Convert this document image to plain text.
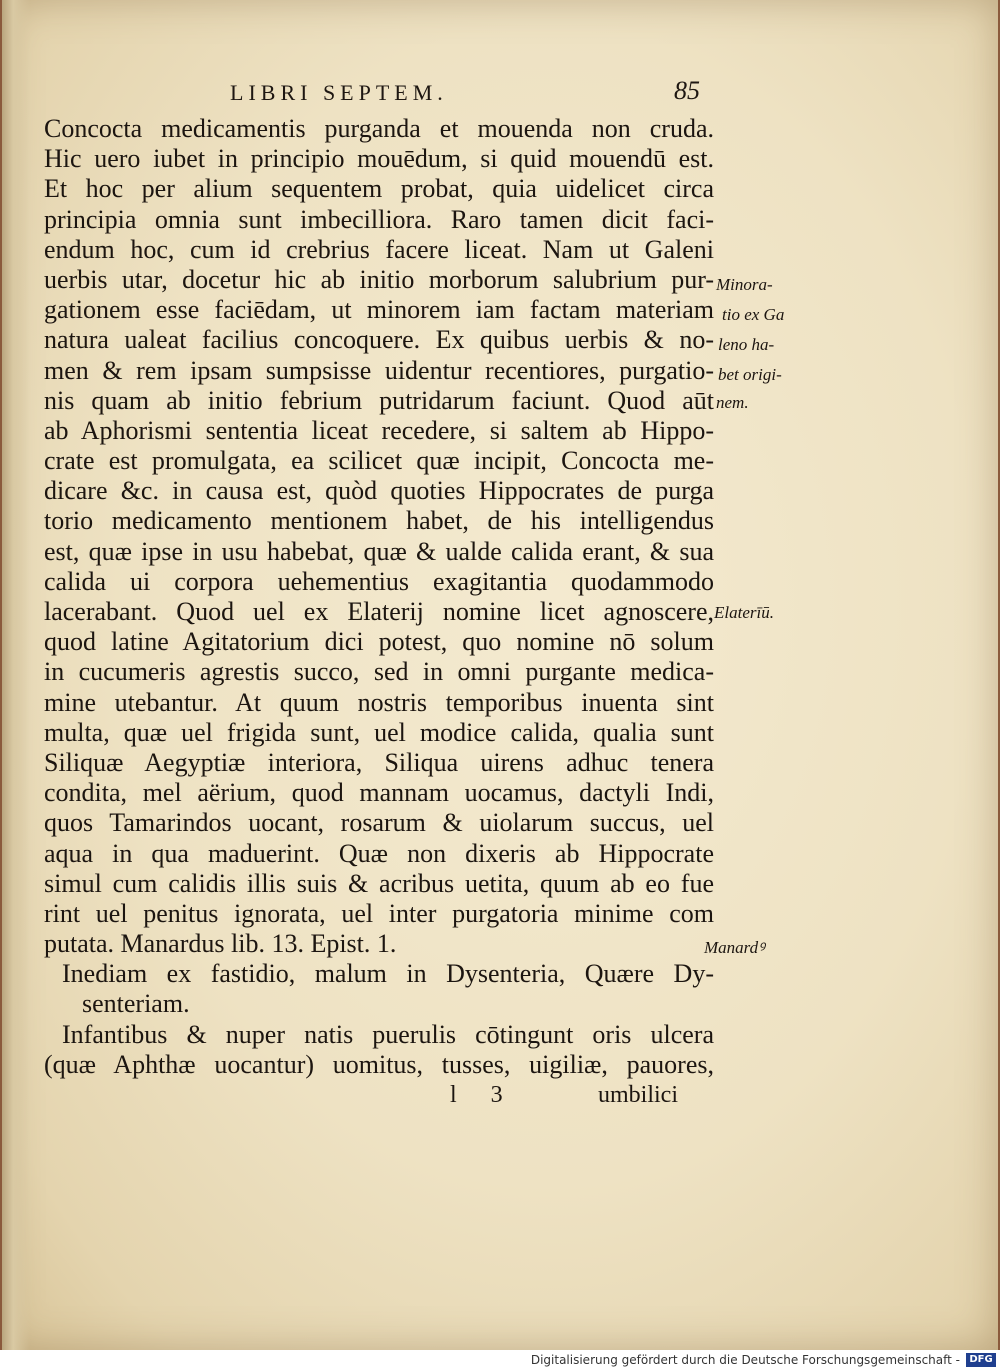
LIBRI SEPTEM.	85
Concocta medicamentis purganda et mouenda non cruda.
Hic uero iubet in principio mouēdum, si quid mouendū est.
Et hoc per alium sequentem probat, quia uidelicet circa
principia omnia sunt imbecilliora. Raro tamen dicit faci-
endum hoc, cum id crebrius facere liceat. Nam ut Galeni
uerbis utar, docetur hic ab initio morborum salubrium pur-
gationem esse faciēdam, ut minorem iam factam materiam
natura ualeat facilius concoquere. Ex quibus uerbis & no-
men & rem ipsam sumpsisse uidentur recentiores, purgatio-
nis quam ab initio febrium putridarum faciunt. Quod aūt
ab Aphorismi sententia liceat recedere, si saltem ab Hippo-
crate est promulgata, ea scilicet quæ incipit, Concocta me-
dicare &c. in causa est, quòd quoties Hippocrates de purga
torio medicamento mentionem habet, de his intelligendus
est, quæ ipse in usu habebat, quæ & ualde calida erant, & sua
calida ui corpora uehementius exagitantia quodammodo
lacerabant. Quod uel ex Elaterij nomine licet agnoscere,
quod latine Agitatorium dici potest, quo nomine nō solum
in cucumeris agrestis succo, sed in omni purgante medica-
mine utebantur. At quum nostris temporibus inuenta sint
multa, quæ uel frigida sunt, uel modice calida, qualia sunt
Siliquæ Aegyptiæ interiora, Siliqua uirens adhuc tenera
condita, mel aërium, quod mannam uocamus, dactyli Indi,
quos Tamarindos uocant, rosarum & uiolarum succus, uel
aqua in qua maduerint. Quæ non dixeris ab Hippocrate
simul cum calidis illis suis & acribus uetita, quum ab eo fue
rint uel penitus ignorata, uel inter purgatoria minime com
putata. Manardus lib. 13. Epist. 1.
Inediam ex fastidio, malum in Dysenteria, Quære Dy-
senteriam.
Infantibus & nuper natis puerulis cōtingunt oris ulcera
(quæ Aphthæ uocantur) uomitus, tusses, uigiliæ, pauores,
Minora-
tio ex Ga
leno ha-
bet origi-
nem.
Elaterīū.
Manardꝰ
l 3	umbilici
Digitalisierung gefördert durch die Deutsche Forschungsgemeinschaft - DFG
